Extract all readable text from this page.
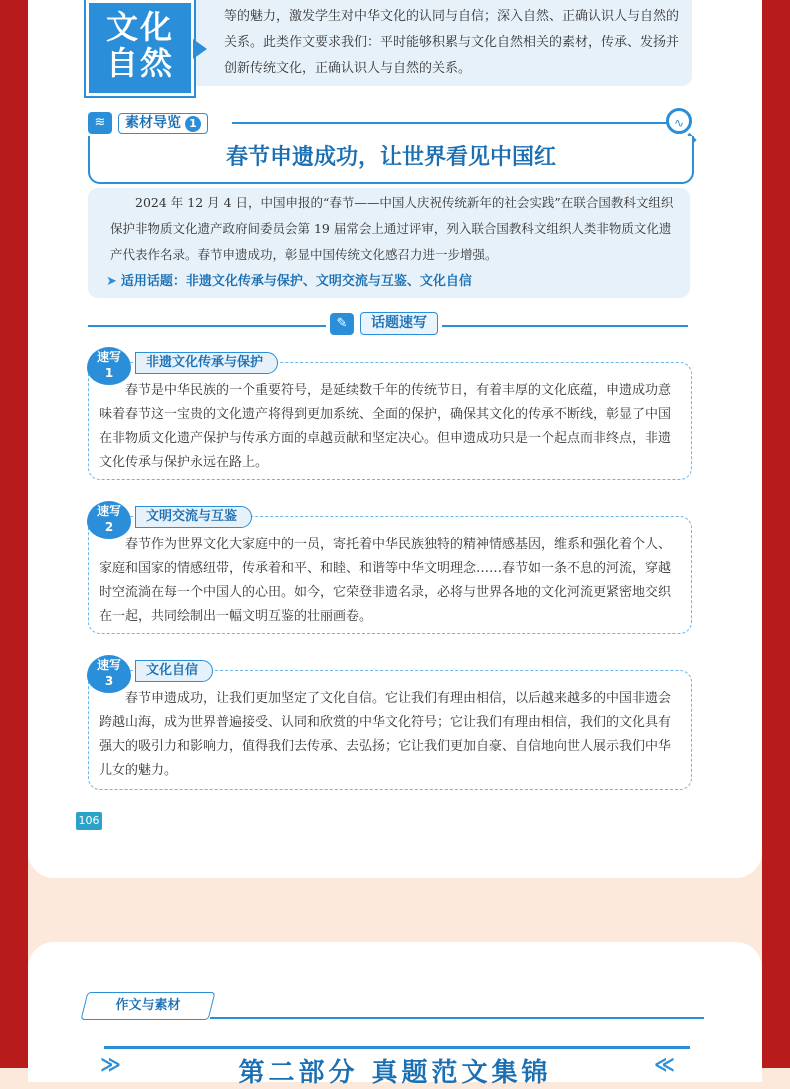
文化
自然
等的魅力，激发学生对中华文化的认同与自信；深入自然、正确认识人与自然的关系。此类作文要求我们：平时能够积累与文化自然相关的素材，传承、发扬并创新传统文化，正确认识人与自然的关系。
≋	素材导览 1	∿
春节申遗成功，让世界看见中国红
2024 年 12 月 4 日，中国申报的“春节——中国人庆祝传统新年的社会实践”在联合国教科文组织保护非物质文化遗产政府间委员会第 19 届常会上通过评审，列入联合国教科文组织人类非物质文化遗产代表作名录。春节申遗成功，彰显中国传统文化感召力进一步增强。
➤ 适用话题：非遗文化传承与保护、文明交流与互鉴、文化自信
✎	话题速写
速写
1
非遗文化传承与保护
春节是中华民族的一个重要符号，是延续数千年的传统节日，有着丰厚的文化底蕴，申遗成功意味着春节这一宝贵的文化遗产将得到更加系统、全面的保护，确保其文化的传承不断线，彰显了中国在非物质文化遗产保护与传承方面的卓越贡献和坚定决心。但申遗成功只是一个起点而非终点，非遗文化传承与保护永远在路上。
速写
2
文明交流与互鉴
春节作为世界文化大家庭中的一员，寄托着中华民族独特的精神情感基因，维系和强化着个人、家庭和国家的情感纽带，传承着和平、和睦、和谐等中华文明理念……春节如一条不息的河流，穿越时空流淌在每一个中国人的心田。如今，它荣登非遗名录，必将与世界各地的文化河流更紧密地交织在一起，共同绘制出一幅文明互鉴的壮丽画卷。
速写
3
文化自信
春节申遗成功，让我们更加坚定了文化自信。它让我们有理由相信，以后越来越多的中国非遗会跨越山海，成为世界普遍接受、认同和欣赏的中华文化符号；它让我们有理由相信，我们的文化具有强大的吸引力和影响力，值得我们去传承、去弘扬；它让我们更加自豪、自信地向世人展示我们中华儿女的魅力。
106
作文与素材
≫	≪
第二部分 真题范文集锦
